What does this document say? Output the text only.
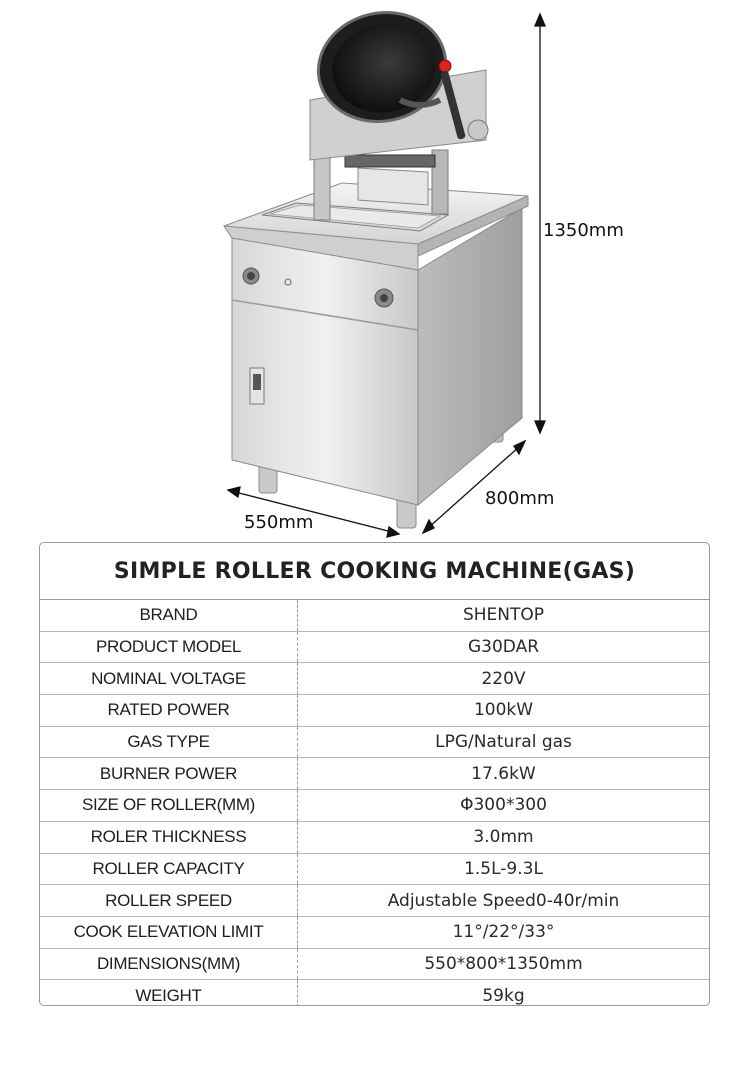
1350mm
800mm
550mm
SIMPLE ROLLER COOKING MACHINE(GAS)
BRAND	SHENTOP
PRODUCT MODEL	G30DAR
NOMINAL VOLTAGE	220V
RATED POWER	100kW
GAS TYPE	LPG/Natural gas
BURNER POWER	17.6kW
SIZE OF ROLLER(MM)	Φ300*300
ROLER THICKNESS	3.0mm
ROLLER CAPACITY	1.5L-9.3L
ROLLER SPEED	Adjustable Speed0-40r/min
COOK ELEVATION LIMIT	11°/22°/33°
DIMENSIONS(MM)	550*800*1350mm
WEIGHT	59kg
